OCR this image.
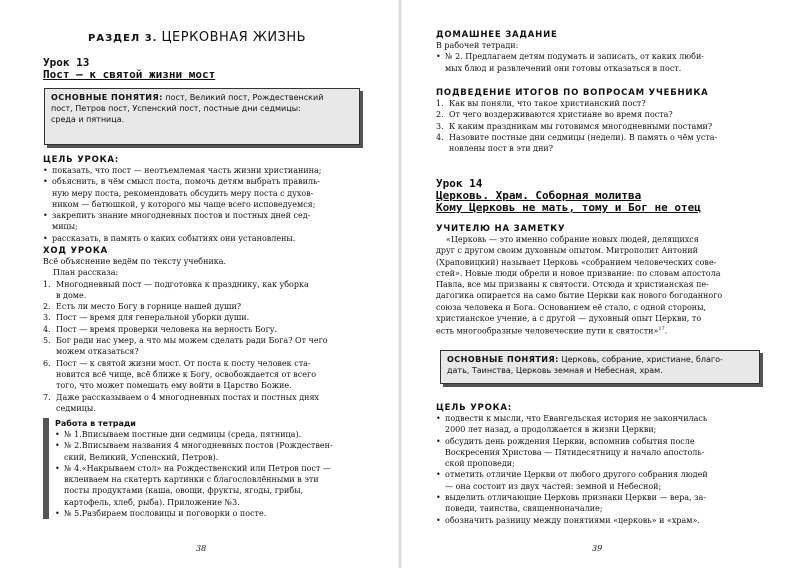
РАЗДЕЛ 3. ЦЕРКОВНАЯ ЖИЗНЬ
Урок 13
Пост — к святой жизни мост
ОСНОВНЫЕ ПОНЯТИЯ: пост, Великий пост, Рождественский
пост, Петров пост, Успенский пост, постные дни седмицы:
среда и пятница.
ЦЕЛЬ УРОКА:
• показать, что пост — неотъемлемая часть жизни христианина;
• объяснить, в чём смысл поста, помочь детям выбрать правиль-
ную меру поста, рекомендовать обсудить меру поста с духов-
ником — батюшкой, у которого мы чаще всего исповедуемся;
• закрепить знание многодневных постов и постных дней сед-
мицы;
• рассказать, в память о каких событиях они установлены.
ХОД УРОКА
Всё объяснение ведём по тексту учебника.
План рассказа:
1. Многодневный пост — подготовка к празднику, как уборка
в доме.
2. Есть ли место Богу в горнице нашей души?
3. Пост — время для генеральной уборки души.
4. Пост — время проверки человека на верность Богу.
5. Бог ради нас умер, а что мы можем сделать ради Бога? От чего
можем отказаться?
6. Пост — к святой жизни мост. От поста к посту человек ста-
новится всё чище, всё ближе к Богу, освобождается от всего
того, что может помешать ему войти в Царство Божие.
7. Даже рассказываем о 4 многодневных постах и постных днях
седмицы.
Работа в тетради
• № 1.Вписываем постные дни седмицы (среда, пятница).
• № 2.Вписываем названия 4 многодневных постов (Рождествен-
ский, Великий, Успенский, Петров).
• № 4.«Накрываем стол» на Рождественский или Петров пост —
вклеиваем на скатерть картинки с благословлёнными в эти
посты продуктами (каша, овощи, фрукты, ягоды, грибы,
картофель, хлеб, рыба). Приложение №3.
• № 5.Разбираем пословицы и поговорки о посте.
38
ДОМАШНЕЕ ЗАДАНИЕ
В рабочей тетради:
• № 2. Предлагаем детям подумать и записать, от каких люби-
мых блюд и развлечений они готовы отказаться в пост.
ПОДВЕДЕНИЕ ИТОГОВ ПО ВОПРОСАМ УЧЕБНИКА
1. Как вы поняли, что такое христианский пост?
2. От чего воздерживаются христиане во время поста?
3. К каким праздникам мы готовимся многодневными постами?
4. Назовите постные дни седмицы (недели). В память о чём уста-
новлены пост в эти дни?
Урок 14
Церковь. Храм. Соборная молитва
Кому Церковь не мать, тому и Бог не отец
УЧИТЕЛЮ НА ЗАМЕТКУ
«Церковь — это именно собрание новых людей, делящихся
друг с другом своим духовным опытом. Митрополит Антоний
(Храповицкий) называет Церковь «собранием человеческих сове-
стей». Новые люди обрели и новое призвание: по словам апостола
Павла, все мы призваны к святости. Отсюда и христианская пе-
дагогика опирается на само бытие Церкви как нового богоданного
союза человека и Бога. Основанием её стало, с одной стороны,
христианское учение, а с другой — духовный опыт Церкви, то
есть многообразные человеческие пути к святости»$^{17}$.
ОСНОВНЫЕ ПОНЯТИЯ: Церковь, собрание, христиане, благо-
дать, Таинства, Церковь земная и Небесная, храм.
ЦЕЛЬ УРОКА:
• подвести к мысли, что Евангельская история не закончилась
2000 лет назад, а продолжается в жизни Церкви;
• обсудить день рождения Церкви, вспомнив события после
Воскресения Христова — Пятидесятницу и начало апостоль-
ской проповеди;
• отметить отличие Церкви от любого другого собрания людей
— она состоит из двух частей: земной и Небесной;
• выделить отличающие Церковь признаки Церкви — вера, за-
поведи, таинства, священноначалие;
• обозначить разницу между понятиями «церковь» и «храм».
39
